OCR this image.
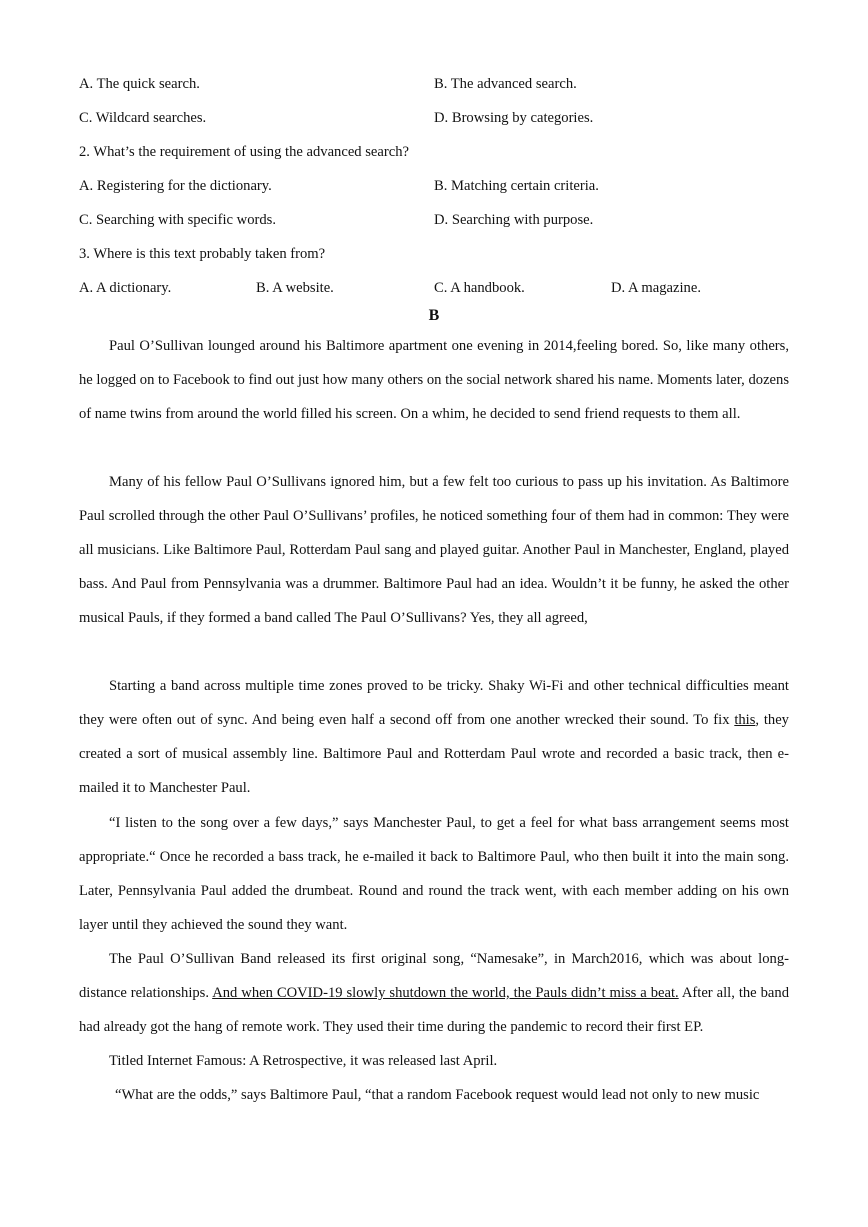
A. The quick search.	B. The advanced search.
C. Wildcard searches.	D. Browsing by categories.
2. What’s the requirement of using the advanced search?
A. Registering for the dictionary.	B. Matching certain criteria.
C. Searching with specific words.	D. Searching with purpose.
3. Where is this text probably taken from?
A. A dictionary.	B. A website.	C. A handbook.	D. A magazine.
B
Paul O’Sullivan lounged around his Baltimore apartment one evening in 2014,feeling bored. So, like many others, he logged on to Facebook to find out just how many others on the social network shared his name. Moments later, dozens of name twins from around the world filled his screen. On a whim, he decided to send friend requests to them all.
Many of his fellow Paul O’Sullivans ignored him, but a few felt too curious to pass up his invitation. As Baltimore Paul scrolled through the other Paul O’Sullivans’ profiles, he noticed something four of them had in common: They were all musicians. Like Baltimore Paul, Rotterdam Paul sang and played guitar. Another Paul in Manchester, England, played bass. And Paul from Pennsylvania was a drummer. Baltimore Paul had an idea. Wouldn’t it be funny, he asked the other musical Pauls, if they formed a band called The Paul O’Sullivans? Yes, they all agreed,
Starting a band across multiple time zones proved to be tricky. Shaky Wi-Fi and other technical difficulties meant they were often out of sync. And being even half a second off from one another wrecked their sound. To fix this, they created a sort of musical assembly line. Baltimore Paul and Rotterdam Paul wrote and recorded a basic track, then e-mailed it to Manchester Paul.
“I listen to the song over a few days,” says Manchester Paul, to get a feel for what bass arrangement seems most appropriate.“ Once he recorded a bass track, he e-mailed it back to Baltimore Paul, who then built it into the main song. Later, Pennsylvania Paul added the drumbeat. Round and round the track went, with each member adding on his own layer until they achieved the sound they want.
The Paul O’Sullivan Band released its first original song, “Namesake”, in March2016, which was about long-distance relationships. And when COVID-19 slowly shutdown the world, the Pauls didn’t miss a beat. After all, the band had already got the hang of remote work. They used their time during the pandemic to record their first EP.
Titled Internet Famous: A Retrospective, it was released last April.
“What are the odds,” says Baltimore Paul, “that a random Facebook request would lead not only to new music
